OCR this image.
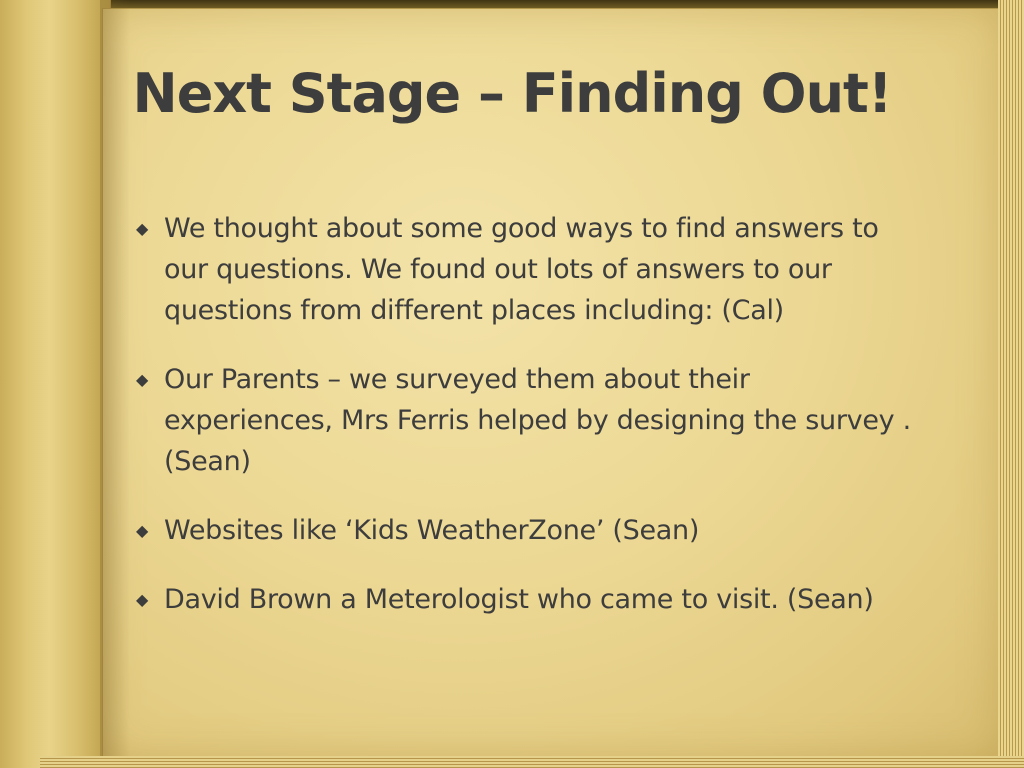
Next Stage – Finding Out!
◆ We thought about some good ways to find answers to our questions. We found out lots of answers to our questions from different places including: (Cal)
◆ Our Parents – we surveyed them about their experiences, Mrs Ferris helped by designing the survey .(Sean)
◆ Websites like ‘Kids WeatherZone’ (Sean)
◆ David Brown a Meterologist who came to visit. (Sean)
